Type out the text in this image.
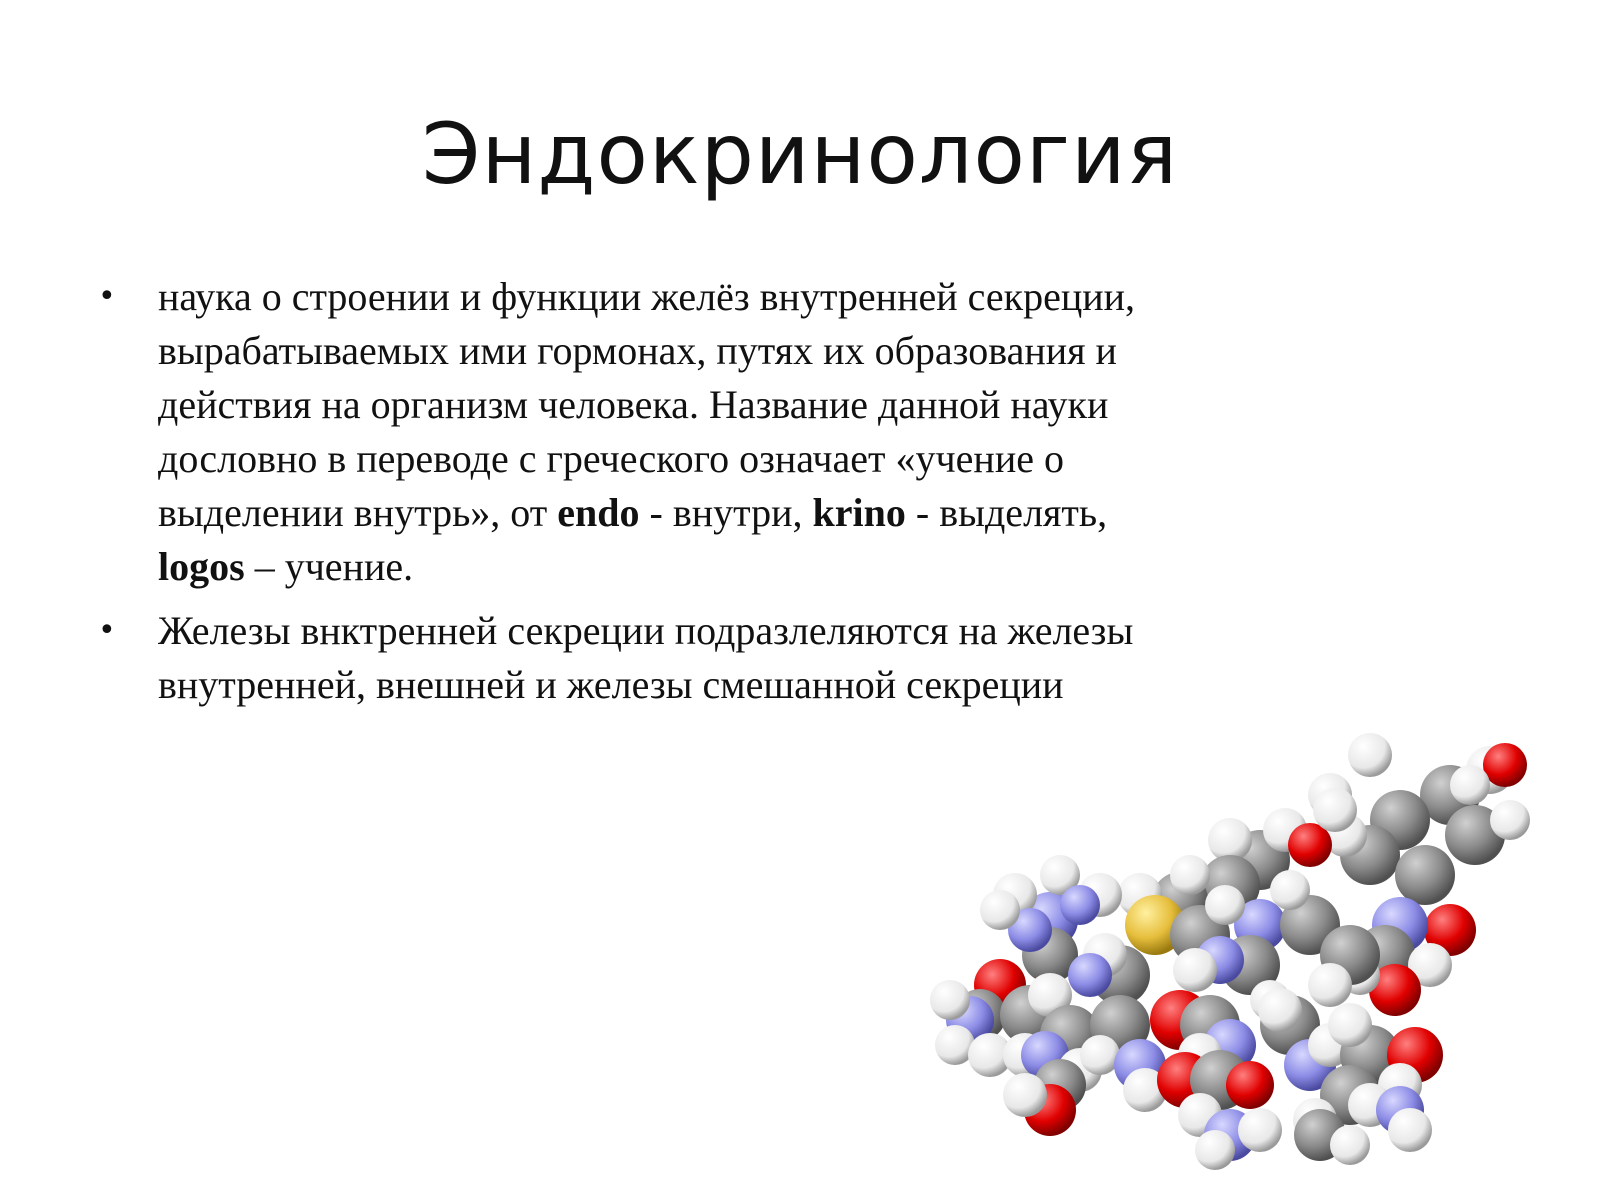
Эндокринология
• наука о строении и функции желёз внутренней секреции, вырабатываемых ими гормонах, путях их образования и действия на организм человека. Название данной науки дословно в переводе с греческого означает «учение о выделении внутрь», от endo - внутри, krino - выделять, logos – учение.
• Железы внктренней секреции подразлеляются на железы внутренней, внешней и железы смешанной секреции
